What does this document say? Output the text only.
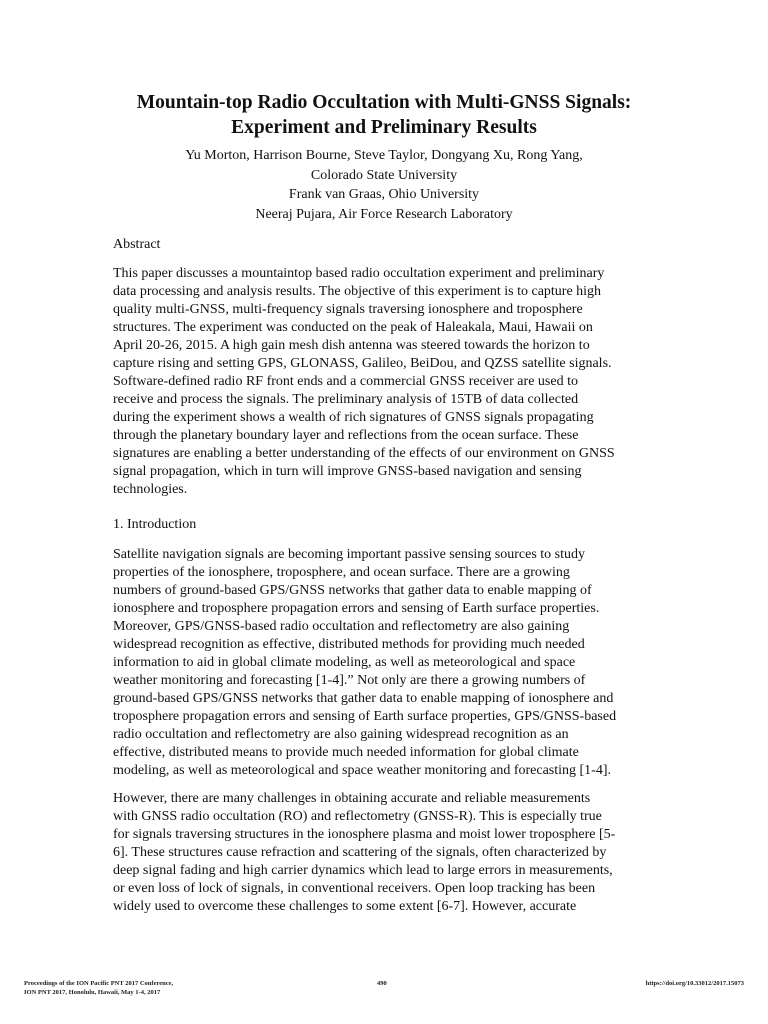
Mountain-top Radio Occultation with Multi-GNSS Signals:
Experiment and Preliminary Results
Yu Morton, Harrison Bourne, Steve Taylor, Dongyang Xu, Rong Yang,
Colorado State University
Frank van Graas, Ohio University
Neeraj Pujara, Air Force Research Laboratory
Abstract
This paper discusses a mountaintop based radio occultation experiment and preliminary
data processing and analysis results. The objective of this experiment is to capture high
quality multi-GNSS, multi-frequency signals traversing ionosphere and troposphere
structures. The experiment was conducted on the peak of Haleakala, Maui, Hawaii on
April 20-26, 2015. A high gain mesh dish antenna was steered towards the horizon to
capture rising and setting GPS, GLONASS, Galileo, BeiDou, and QZSS satellite signals.
Software-defined radio RF front ends and a commercial GNSS receiver are used to
receive and process the signals. The preliminary analysis of 15TB of data collected
during the experiment shows a wealth of rich signatures of GNSS signals propagating
through the planetary boundary layer and reflections from the ocean surface. These
signatures are enabling a better understanding of the effects of our environment on GNSS
signal propagation, which in turn will improve GNSS-based navigation and sensing
technologies.
1. Introduction
Satellite navigation signals are becoming important passive sensing sources to study
properties of the ionosphere, troposphere, and ocean surface. There are a growing
numbers of ground-based GPS/GNSS networks that gather data to enable mapping of
ionosphere and troposphere propagation errors and sensing of Earth surface properties.
Moreover, GPS/GNSS-based radio occultation and reflectometry are also gaining
widespread recognition as effective, distributed methods for providing much needed
information to aid in global climate modeling, as well as meteorological and space
weather monitoring and forecasting [1-4].” Not only are there a growing numbers of
ground-based GPS/GNSS networks that gather data to enable mapping of ionosphere and
troposphere propagation errors and sensing of Earth surface properties, GPS/GNSS-based
radio occultation and reflectometry are also gaining widespread recognition as an
effective, distributed means to provide much needed information for global climate
modeling, as well as meteorological and space weather monitoring and forecasting [1-4].
However, there are many challenges in obtaining accurate and reliable measurements
with GNSS radio occultation (RO) and reflectometry (GNSS-R). This is especially true
for signals traversing structures in the ionosphere plasma and moist lower troposphere [5-
6]. These structures cause refraction and scattering of the signals, often characterized by
deep signal fading and high carrier dynamics which lead to large errors in measurements,
or even loss of lock of signals, in conventional receivers. Open loop tracking has been
widely used to overcome these challenges to some extent [6-7]. However, accurate
Proceedings of the ION Pacific PNT 2017 Conference,
ION PNT 2017, Honolulu, Hawaii, May 1-4, 2017
490	https://doi.org/10.33012/2017.15073
